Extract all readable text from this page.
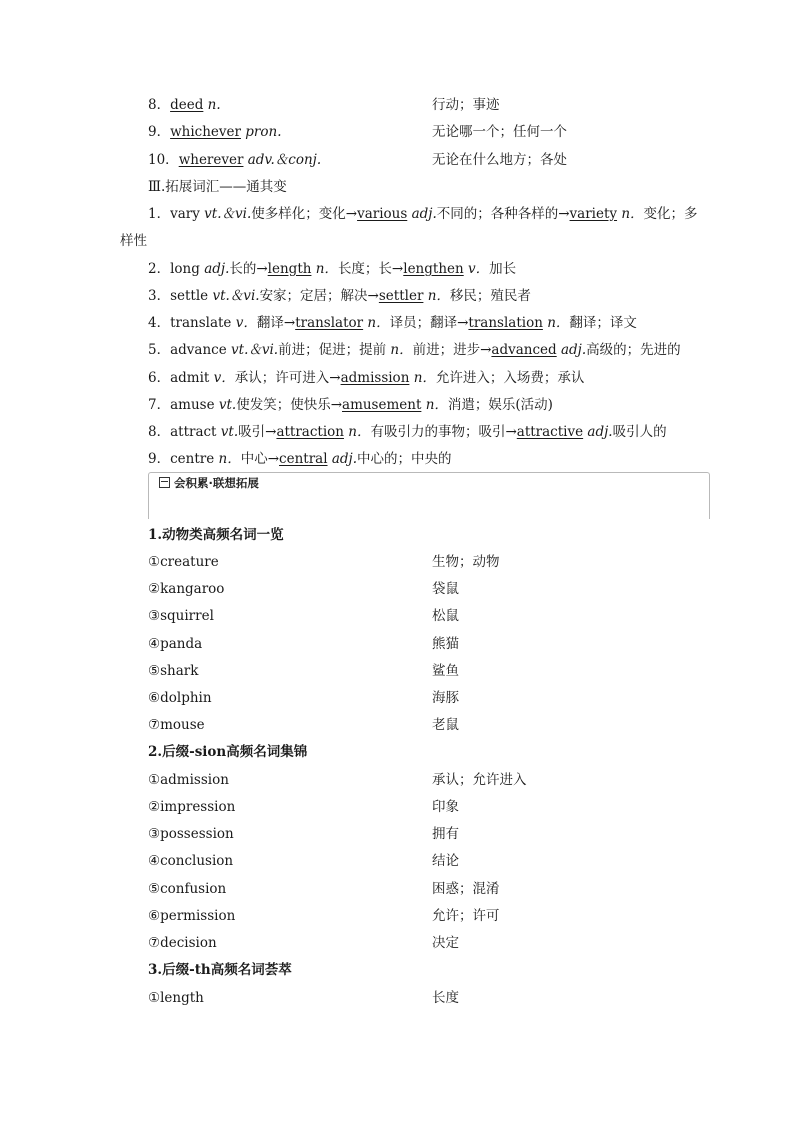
8．deed n.	行动；事迹
9．whichever pron.	无论哪一个；任何一个
10．wherever adv.＆conj.	无论在什么地方；各处
Ⅲ.拓展词汇——通其变
1．vary vt.＆vi.使多样化；变化→various adj.不同的；各种各样的→variety n．变化；多
样性
2．long adj.长的→length n．长度；长→lengthen v．加长
3．settle vt.＆vi.安家；定居；解决→settler n．移民；殖民者
4．translate v．翻译→translator n．译员；翻译→translation n．翻译；译文
5．advance vt.＆vi.前进；促进；提前 n．前进；进步→advanced adj.高级的；先进的
6．admit v．承认；许可进入→admission n．允许进入；入场费；承认
7．amuse vt.使发笑；使快乐→amusement n．消遣；娱乐(活动)
8．attract vt.吸引→attraction n．有吸引力的事物；吸引→attractive adj.吸引人的
9．centre n．中心→central adj.中心的；中央的
会积累·联想拓展
1.动物类高频名词一览
①creature	生物；动物
②kangaroo	袋鼠
③squirrel	松鼠
④panda	熊猫
⑤shark	鲨鱼
⑥dolphin	海豚
⑦mouse	老鼠
2.后缀-sion高频名词集锦
①admission	承认；允许进入
②impression	印象
③possession	拥有
④conclusion	结论
⑤confusion	困惑；混淆
⑥permission	允许；许可
⑦decision	决定
3.后缀-th高频名词荟萃
①length	长度
